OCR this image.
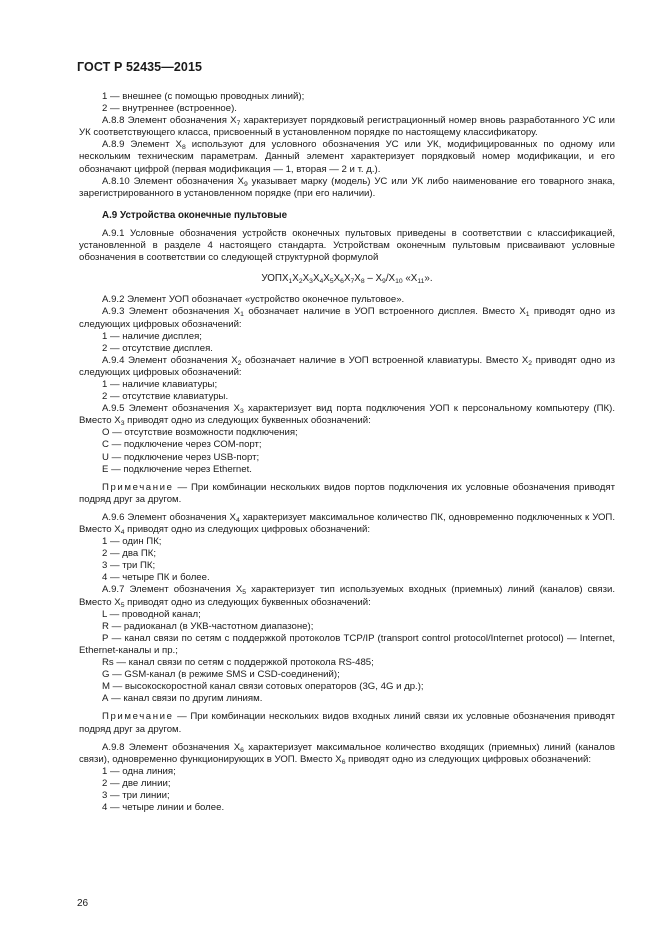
ГОСТ Р 52435—2015

1 — внешнее (с помощью проводных линий);

2 — внутреннее (встроенное).

А.8.8 Элемент обозначения $Х_7$ характеризует порядковый регистрационный номер вновь разработанного УС или УК соответствующего класса, присвоенный в установленном порядке по настоящему классификатору.

А.8.9 Элемент $Х_8$ используют для условного обозначения УС или УК, модифицированных по одному или нескольким техническим параметрам. Данный элемент характеризует порядковый номер модификации, и его обозначают цифрой (первая модификация — 1, вторая — 2 и т. д.).

А.8.10 Элемент обозначения $Х_9$ указывает марку (модель) УС или УК либо наименование его товарного знака, зарегистрированного в установленном порядке (при его наличии).

А.9 Устройства оконечные пультовые

А.9.1 Условные обозначения устройств оконечных пультовых приведены в соответствии с классификацией, установленной в разделе 4 настоящего стандарта. Устройствам оконечным пультовым присваивают условные обозначения в соответствии со следующей структурной формулой

$УОПХ_1Х_2Х_3Х_4Х_5Х_6Х_7Х_8 - Х_9/Х_{10}$ «$Х_{11}$».

А.9.2 Элемент УОП обозначает «устройство оконечное пультовое».

А.9.3 Элемент обозначения $Х_1$ обозначает наличие в УОП встроенного дисплея. Вместо $Х_1$ приводят одно из следующих цифровых обозначений:

1 — наличие дисплея;

2 — отсутствие дисплея.

А.9.4 Элемент обозначения $Х_2$ обозначает наличие в УОП встроенной клавиатуры. Вместо $Х_2$ приводят одно из следующих цифровых обозначений:

1 — наличие клавиатуры;

2 — отсутствие клавиатуры.

А.9.5 Элемент обозначения $Х_3$ характеризует вид порта подключения УОП к персональному компьютеру (ПК). Вместо $Х_3$ приводят одно из следующих буквенных обозначений:

О — отсутствие возможности подключения;

С — подключение через СОМ-порт;

U — подключение через USB-порт;

Е — подключение через Ethernet.

Примечание — При комбинации нескольких видов портов подключения их условные обозначения приводят подряд друг за другом.

А.9.6 Элемент обозначения $Х_4$ характеризует максимальное количество ПК, одновременно подключенных к УОП. Вместо $Х_4$ приводят одно из следующих цифровых обозначений:

1 — один ПК;

2 — два ПК;

3 — три ПК;

4 — четыре ПК и более.

А.9.7 Элемент обозначения $Х_5$ характеризует тип используемых входных (приемных) линий (каналов) связи. Вместо $Х_5$ приводят одно из следующих буквенных обозначений:

L — проводной канал;

R — радиоканал (в УКВ-частотном диапазоне);

Р — канал связи по сетям с поддержкой протоколов TCP/IP (transport control protocol/Internet protocol) — Internet, Ethernet-каналы и пр.;

Rs — канал связи по сетям с поддержкой протокола RS-485;

G — GSM-канал (в режиме SMS и CSD-соединений);

М — высокоскоростной канал связи сотовых операторов (3G, 4G и др.);

А — канал связи по другим линиям.

Примечание — При комбинации нескольких видов входных линий связи их условные обозначения приводят подряд друг за другом.

А.9.8 Элемент обозначения $Х_6$ характеризует максимальное количество входящих (приемных) линий (каналов связи), одновременно функционирующих в УОП. Вместо $Х_6$ приводят одно из следующих цифровых обозначений:

1 — одна линия;

2 — две линии;

3 — три линии;

4 — четыре линии и более.

26
